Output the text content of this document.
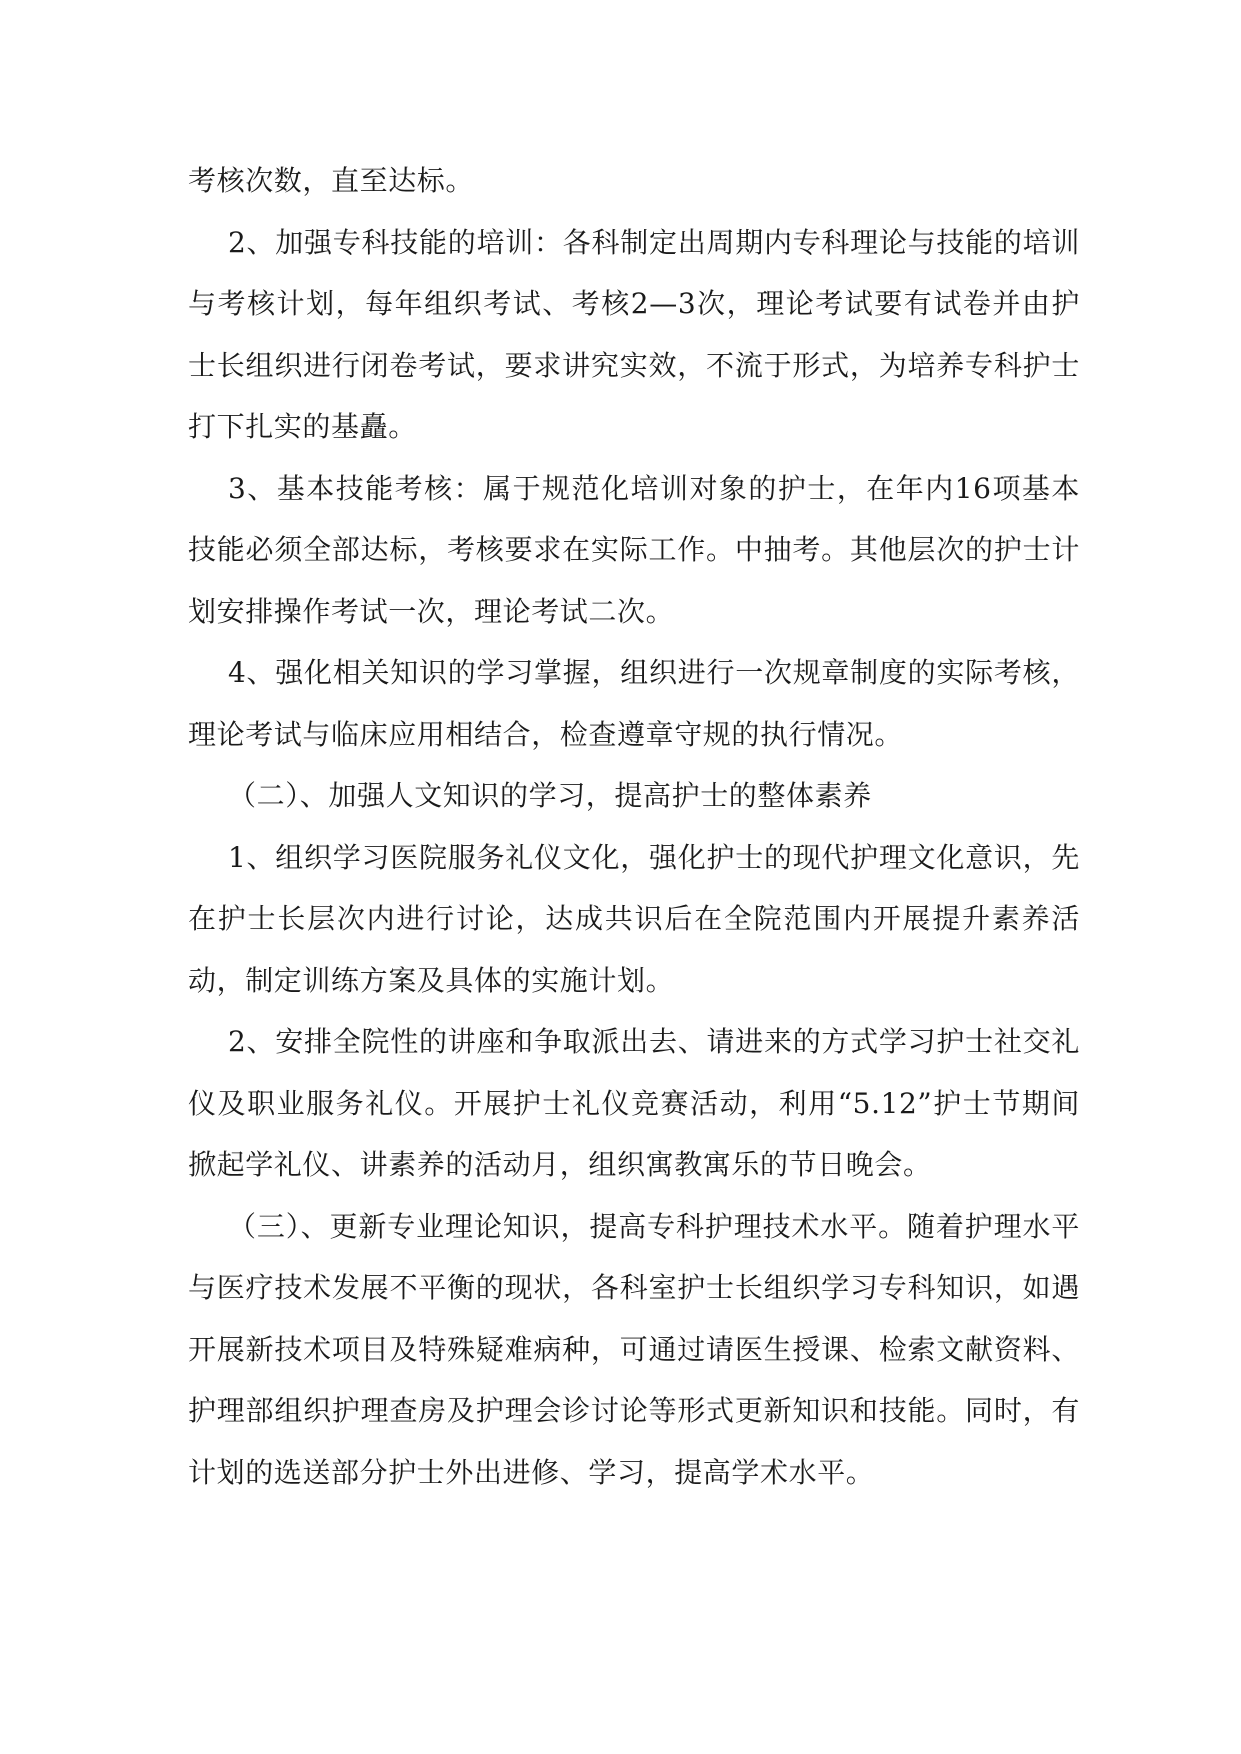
考核次数，直至达标。

2、加强专科技能的培训：各科制定出周期内专科理论与技能的培训与考核计划，每年组织考试、考核2—3次，理论考试要有试卷并由护士长组织进行闭卷考试，要求讲究实效，不流于形式，为培养专科护士打下扎实的基矗。

3、基本技能考核：属于规范化培训对象的护士，在年内16项基本技能必须全部达标，考核要求在实际工作。中抽考。其他层次的护士计划安排操作考试一次，理论考试二次。

4、强化相关知识的学习掌握，组织进行一次规章制度的实际考核，理论考试与临床应用相结合，检查遵章守规的执行情况。

（二）、加强人文知识的学习，提高护士的整体素养

1、组织学习医院服务礼仪文化，强化护士的现代护理文化意识，先在护士长层次内进行讨论，达成共识后在全院范围内开展提升素养活动，制定训练方案及具体的实施计划。

2、安排全院性的讲座和争取派出去、请进来的方式学习护士社交礼仪及职业服务礼仪。开展护士礼仪竞赛活动，利用“5.12”护士节期间掀起学礼仪、讲素养的活动月，组织寓教寓乐的节日晚会。

（三）、更新专业理论知识，提高专科护理技术水平。随着护理水平与医疗技术发展不平衡的现状，各科室护士长组织学习专科知识，如遇开展新技术项目及特殊疑难病种，可通过请医生授课、检索文献资料、护理部组织护理查房及护理会诊讨论等形式更新知识和技能。同时，有计划的选送部分护士外出进修、学习，提高学术水平。
